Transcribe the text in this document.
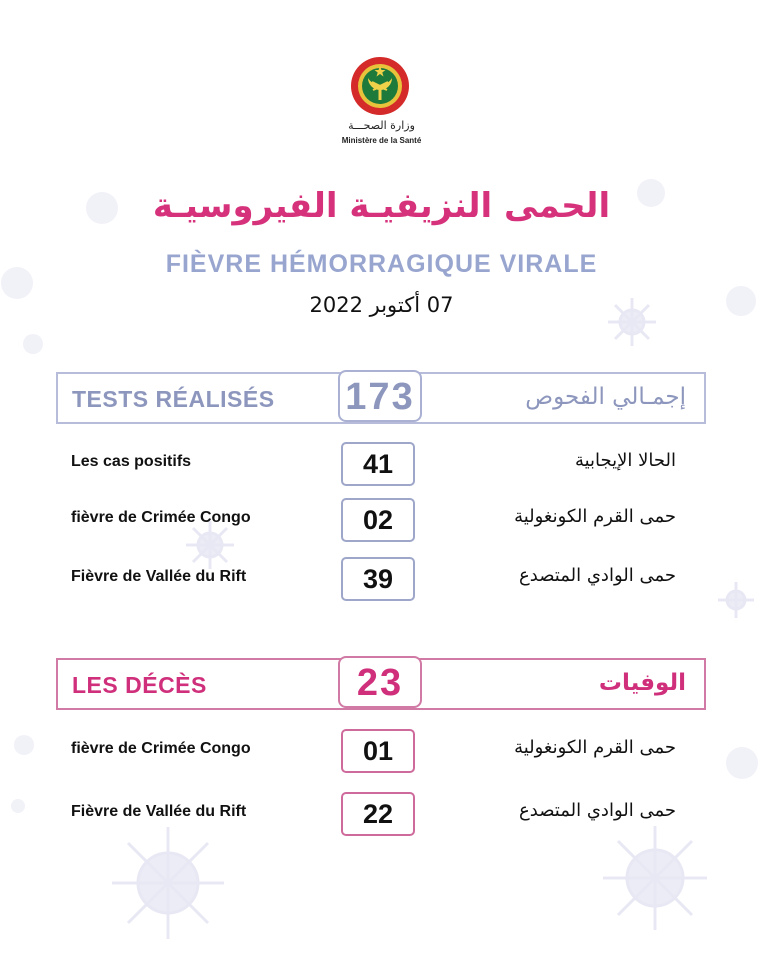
وزارة الصحـــة
Ministère de la Santé
الحمى النزيفيـة الفيروسيـة
FIÈVRE HÉMORRAGIQUE VIRALE
07 أكتوبر 2022
TESTS RÉALISÉS 173	إجمـالي الفحوص
Les cas positifs	41	الحالا الإيجابية
fièvre de Crimée Congo	02	حمى القرم الكونغولية
Fièvre de Vallée du Rift	39	حمى الوادي المتصدع
LES DÉCÈS	23	الوفيات
fièvre de Crimée Congo	01	حمى القرم الكونغولية
Fièvre de Vallée du Rift	22	حمى الوادي المتصدع
